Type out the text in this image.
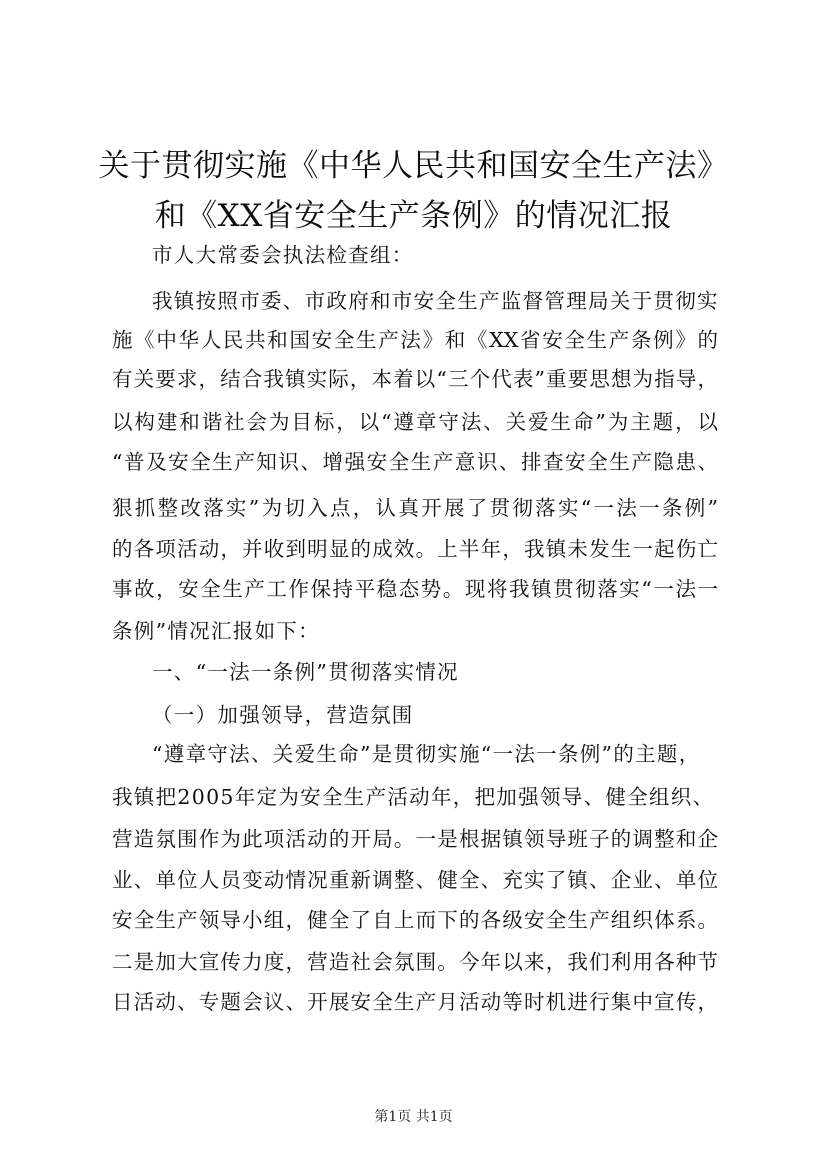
关于贯彻实施《中华人民共和国安全生产法》
和《XX省安全生产条例》的情况汇报

市人大常委会执法检查组：

我镇按照市委、市政府和市安全生产监督管理局关于贯彻实

施《中华人民共和国安全生产法》和《XX省安全生产条例》的

有关要求，结合我镇实际，本着以“三个代表”重要思想为指导，

以构建和谐社会为目标，以“遵章守法、关爱生命”为主题，以

“普及安全生产知识、增强安全生产意识、排查安全生产隐患、

狠抓整改落实”为切入点，认真开展了贯彻落实“一法一条例”

的各项活动，并收到明显的成效。上半年，我镇未发生一起伤亡

事故，安全生产工作保持平稳态势。现将我镇贯彻落实“一法一

条例”情况汇报如下：

一、“一法一条例”贯彻落实情况

（一）加强领导，营造氛围

“遵章守法、关爱生命”是贯彻实施“一法一条例”的主题，

我镇把2005年定为安全生产活动年，把加强领导、健全组织、

营造氛围作为此项活动的开局。一是根据镇领导班子的调整和企

业、单位人员变动情况重新调整、健全、充实了镇、企业、单位

安全生产领导小组，健全了自上而下的各级安全生产组织体系。

二是加大宣传力度，营造社会氛围。今年以来，我们利用各种节

日活动、专题会议、开展安全生产月活动等时机进行集中宣传，

第1页 共1页
